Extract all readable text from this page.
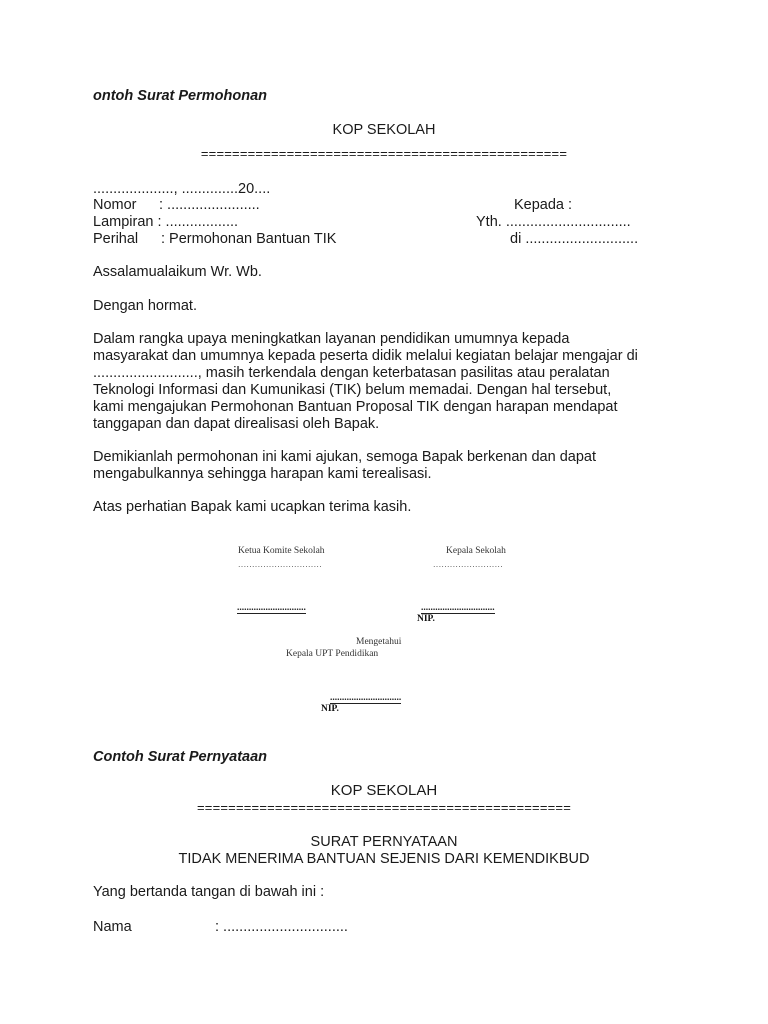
ontoh Surat Permohonan
KOP SEKOLAH
===============================================
...................., ..............20....
Nomor : .......................
Lampiran : ..................
Perihal : Permohonan Bantuan TIK
Kepada :
Yth. ...............................
di ............................
Assalamualaikum Wr. Wb.
Dengan hormat.
Dalam rangka upaya meningkatkan layanan pendidikan umumnya kepada
masyarakat dan umumnya kepada peserta didik melalui kegiatan belajar mengajar di
.........................., masih terkendala dengan keterbatasan pasilitas atau peralatan
Teknologi Informasi dan Kumunikasi (TIK) belum memadai. Dengan hal tersebut,
kami mengajukan Permohonan Bantuan Proposal TIK dengan harapan mendapat
tanggapan dan dapat direalisasi oleh Bapak.
Demikianlah permohonan ini kami ajukan, semoga Bapak berkenan dan dapat
mengabulkannya sehingga harapan kami terealisasi.
Atas perhatian Bapak kami ucapkan terima kasih.
Ketua Komite Sekolah
..............................
Kepala Sekolah
.........................
.............................	...............................
NIP.
Mengetahui
Kepala UPT Pendidikan
..............................
NIP.
Contoh Surat Pernyataan
KOP SEKOLAH
================================================
SURAT PERNYATAAN
TIDAK MENERIMA BANTUAN SEJENIS DARI KEMENDIKBUD
Yang bertanda tangan di bawah ini :
Nama	: ...............................
